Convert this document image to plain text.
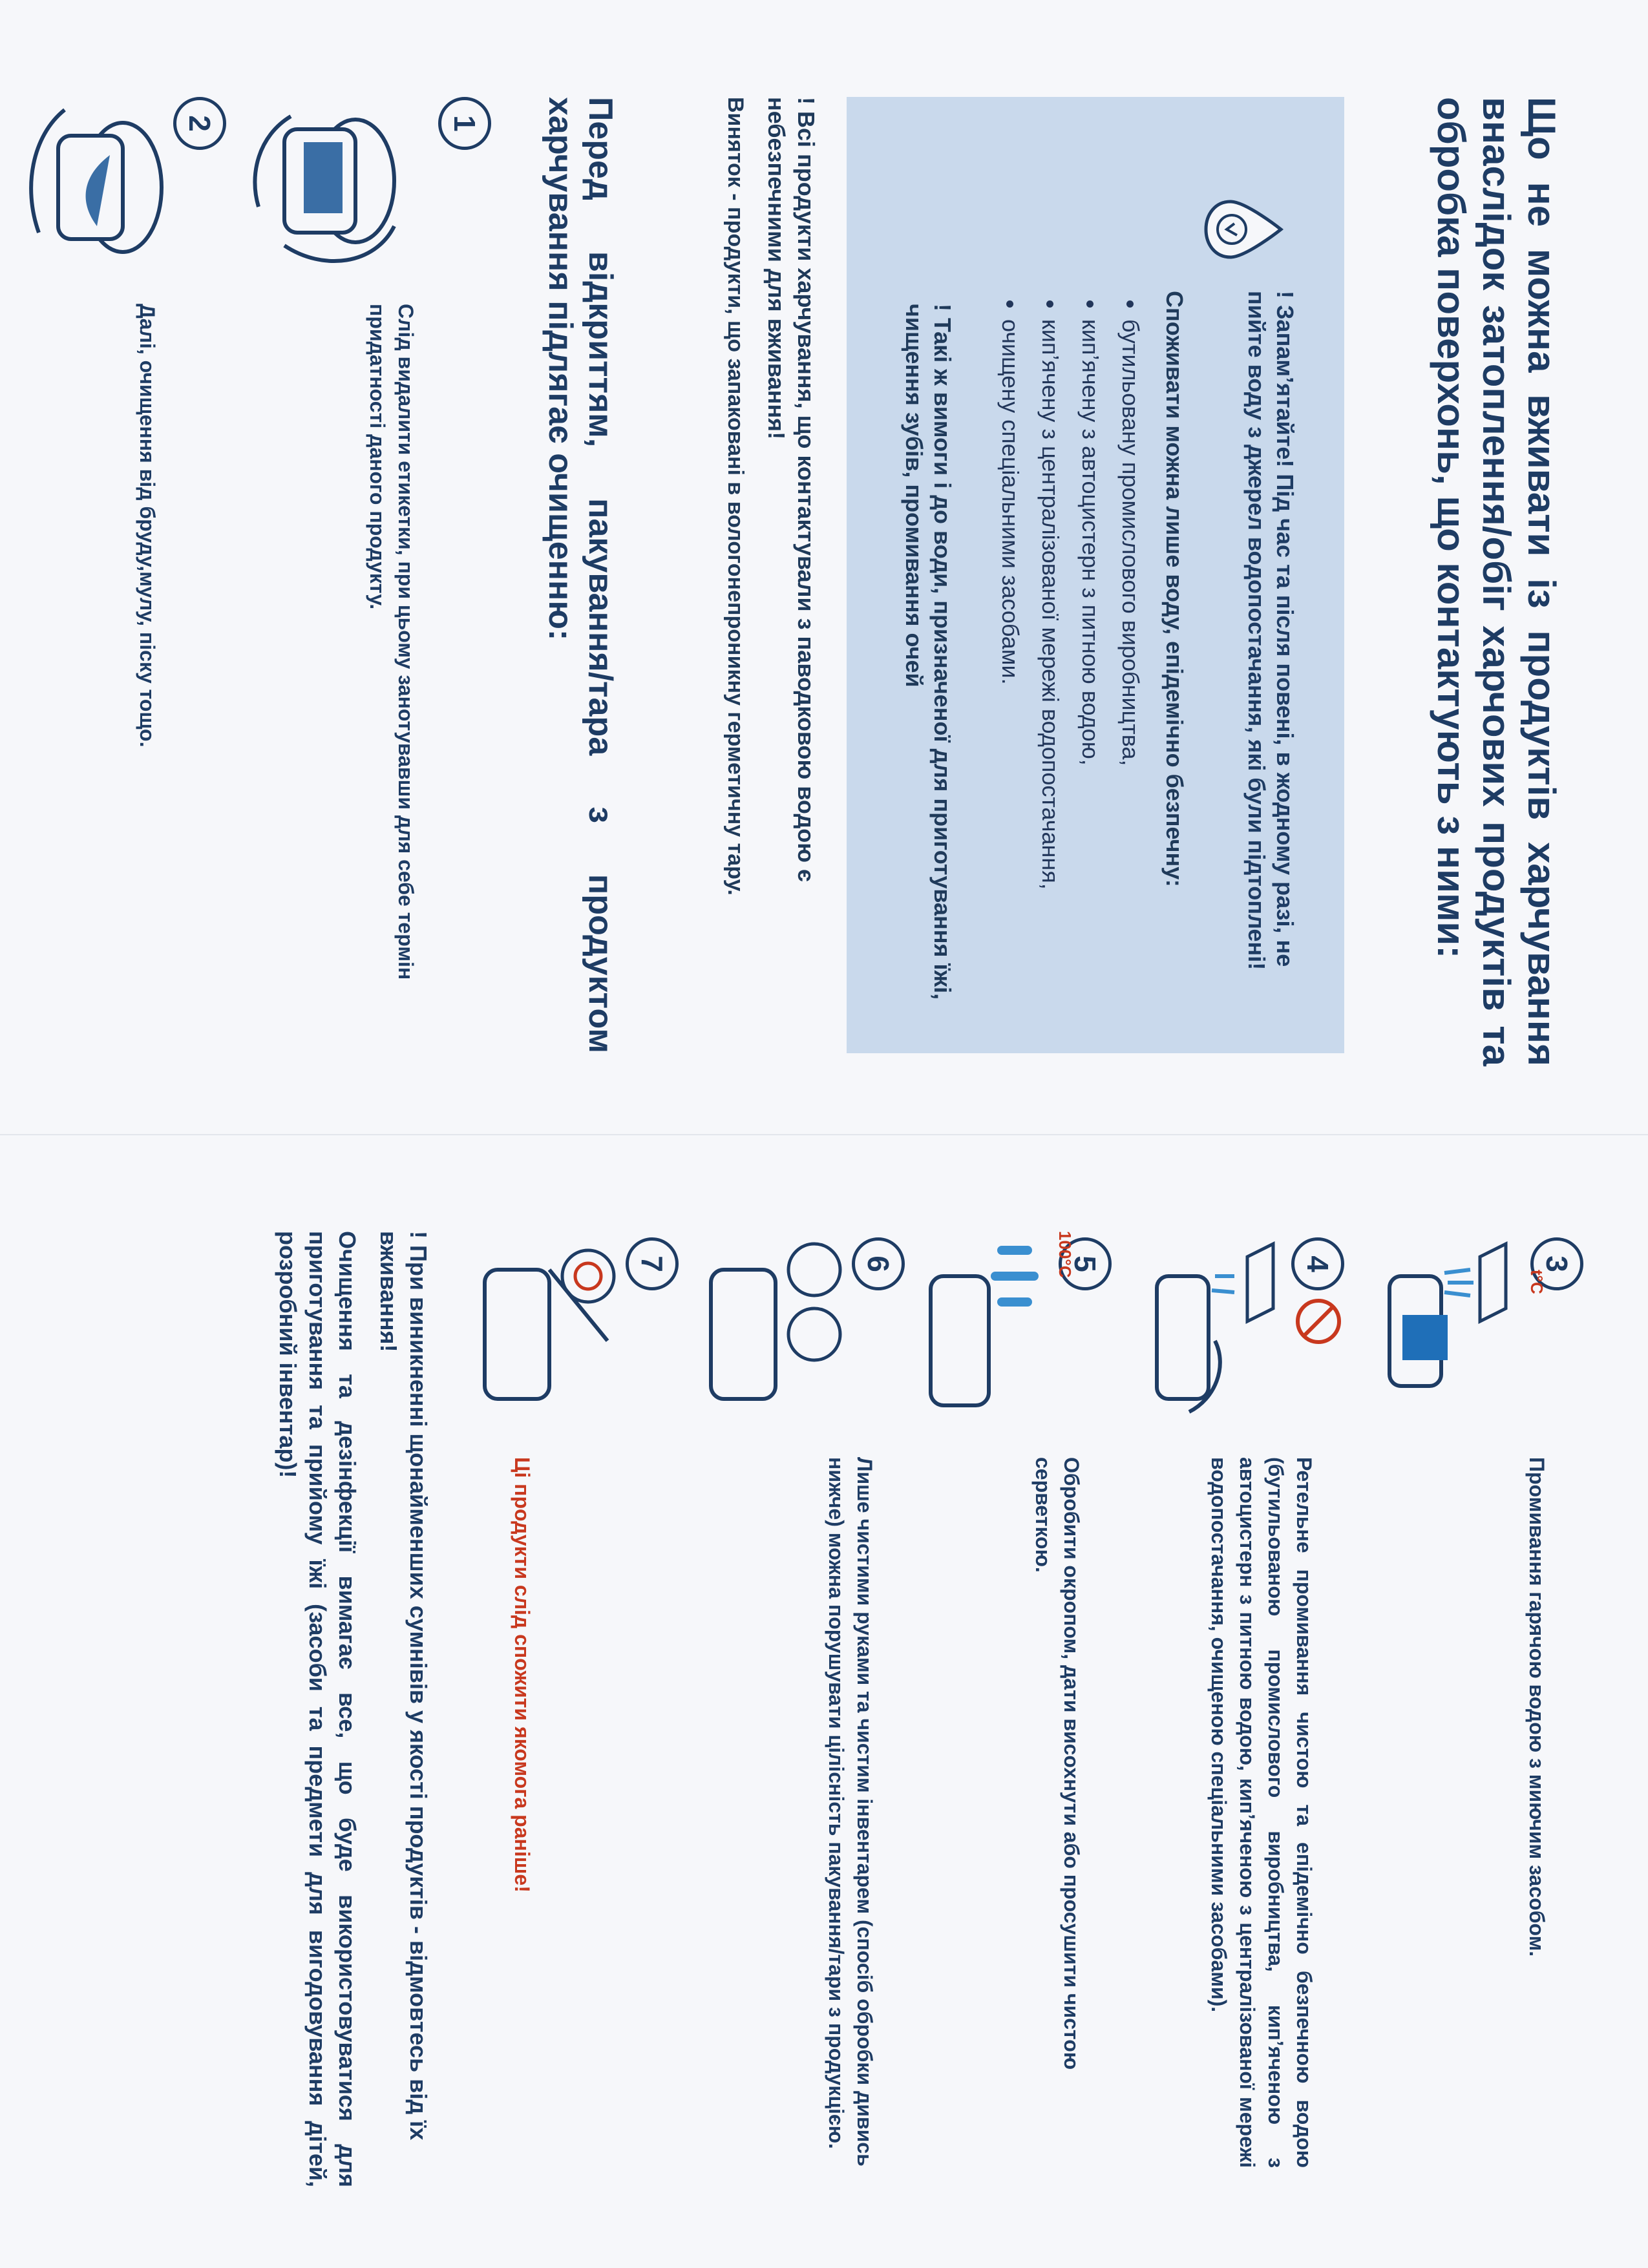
Що не можна вживати із продуктів харчування внаслідок затоплення/обіг харчових продуктів та обробка поверхонь, що контактують з ними:
! Запам’ятайте! Під час та після повені, в жодному разі, не пийте воду з джерел водопостачання, які були підтоплені!
Споживати можна лише воду, епідемічно безпечну:
• бутильовану промислового виробництва,
• кип’ячену з автоцистерн з питною водою,
• кип’ячену з централізованої мережі водопостачання,
• очищену спеціальними засобами.
! Такі ж вимоги і до води, призначеної для приготування їжі, чищення зубів, промивання очей
! Всі продукти харчування, що контактували з паводковою водою є небезпечними для вживання!
Виняток - продукти, що запаковані в вологонепроникну герметичну тару.
Перед відкриттям, пакування/тара з продуктом харчування підлягає очищенню:
1
Слід видалити етикетки, при цьому занотувавши для себе термін придатності даного продукту.
2
Далі, очищення від бруду,мулу, піску тощо.
3
t°C
Промивання гарячою водою з миючим засобом.
4
Ретельне промивання чистою та епідемічно безпечною водою (бутильованою промислового виробництва, кип’яченою з автоцистерн з питною водою, кип’яченою з централізованої мережі водопостачання, очищеною спеціальними засобами).
5
100°C
Обробити окропом, дати висохнути або просушити чистою серветкою.
6
Лише чистими руками та чистим інвентарем (спосіб обробки дивись нижче) можна порушувати цілісність пакування/тари з продукцією.
7
Ці продукти слід спожити якомога раніше!
! При виникненні щонайменших сумнівів у якості продуктів - відмовтесь від їх вживання!
Очищення та дезінфекції вимагає все, що буде використовуватися для приготування та прийому їжі (засоби та предмети для вигодовування дітей, розробний інвентар)!
